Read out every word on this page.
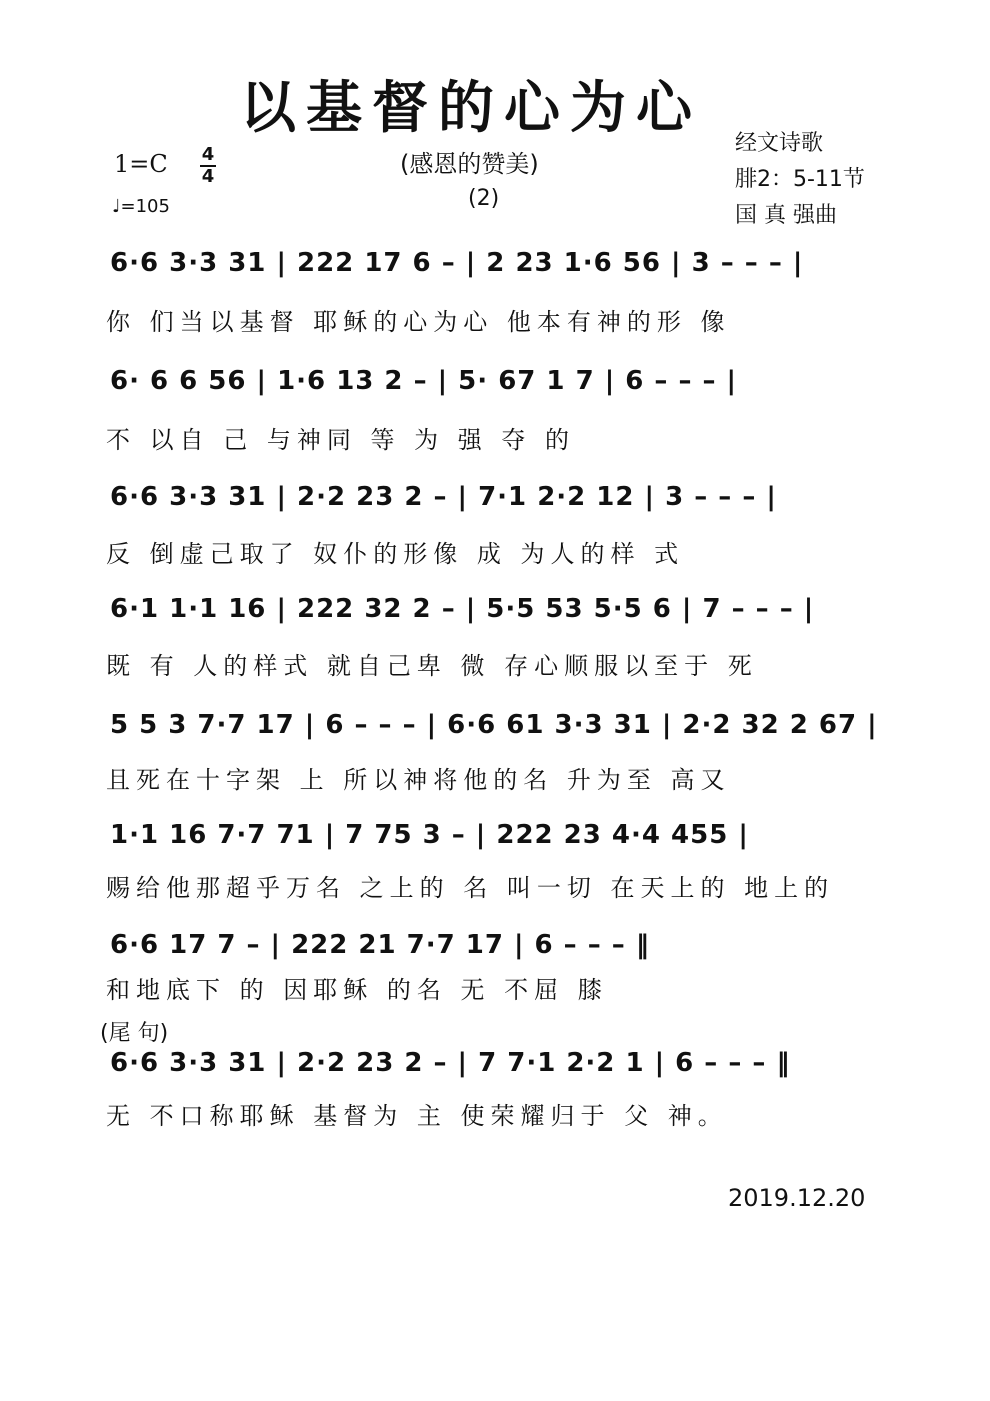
以基督的心为心
(感恩的赞美)
(2)
1=C 4
4
♩=105
经文诗歌
腓2：5-11节
国 真 强曲
6·6 3·3 31 | 222 17 6 – | 2 23 1·6 56 | 3 – – – |
你 们当以基督 耶稣的心为心 他本有神的形 像
6· 6 6 56 | 1·6 13 2 – | 5· 67 1 7 | 6 – – – |
不 以自 己 与神同 等 为 强 夺 的
6·6 3·3 31 | 2·2 23 2 – | 7·1 2·2 12 | 3 – – – |
反 倒虚己取了 奴仆的形像 成 为人的样 式
6·1 1·1 16 | 222 32 2 – | 5·5 53 5·5 6 | 7 – – – |
既 有 人的样式 就自己卑 微 存心顺服以至于 死
5 5 3 7·7 17 | 6 – – – | 6·6 61 3·3 31 | 2·2 32 2 67 |
且死在十字架 上 所以神将他的名 升为至 高又
1·1 16 7·7 71 | 7 75 3 – | 222 23 4·4 455 |
赐给他那超乎万名 之上的 名 叫一切 在天上的 地上的
6·6 17 7 – | 222 21 7·7 17 | 6 – – – ‖
和地底下 的 因耶稣 的名 无 不屈 膝
(尾 句)
6·6 3·3 31 | 2·2 23 2 – | 7 7·1 2·2 1 | 6 – – – ‖
无 不口称耶稣 基督为 主 使荣耀归于 父 神。
2019.12.20
